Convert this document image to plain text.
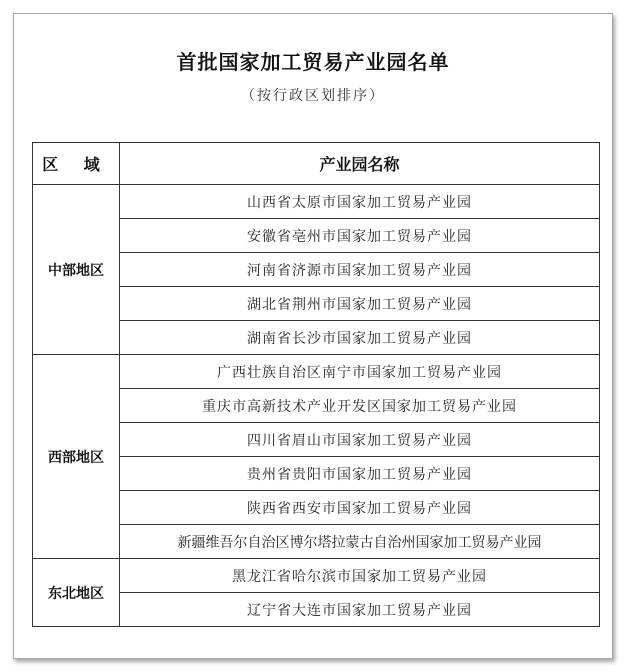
首批国家加工贸易产业园名单
（按行政区划排序）
区 域	产业园名称
中部地区	山西省太原市国家加工贸易产业园
	安徽省亳州市国家加工贸易产业园
	河南省济源市国家加工贸易产业园
	湖北省荆州市国家加工贸易产业园
	湖南省长沙市国家加工贸易产业园
西部地区	广西壮族自治区南宁市国家加工贸易产业园
	重庆市高新技术产业开发区国家加工贸易产业园
	四川省眉山市国家加工贸易产业园
	贵州省贵阳市国家加工贸易产业园
	陕西省西安市国家加工贸易产业园
	新疆维吾尔自治区博尔塔拉蒙古自治州国家加工贸易产业园
东北地区	黑龙江省哈尔滨市国家加工贸易产业园
	辽宁省大连市国家加工贸易产业园
